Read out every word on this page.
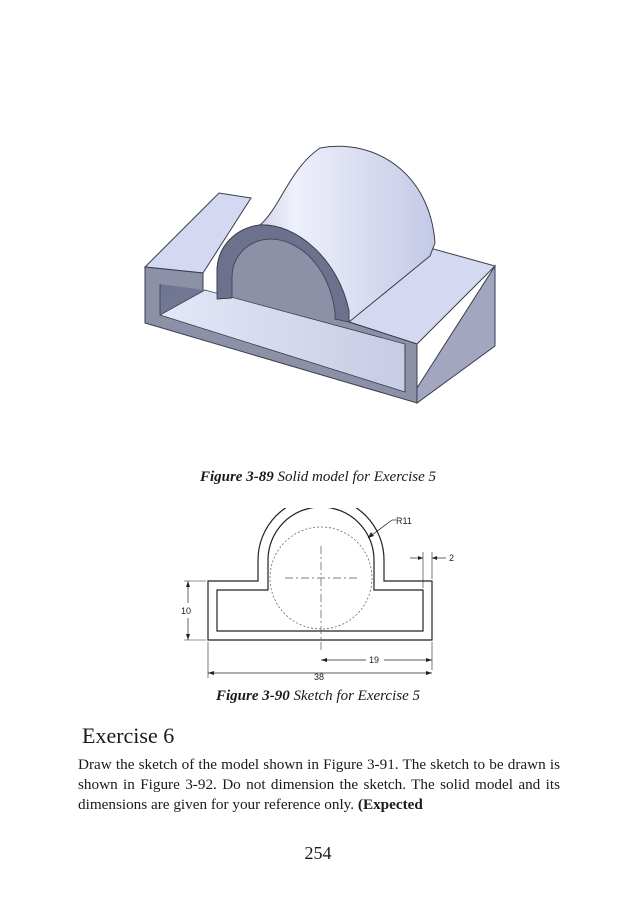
Figure 3-89 Solid model for Exercise 5
R11
2
10
19
38
Figure 3-90 Sketch for Exercise 5
Exercise 6

Draw the sketch of the model shown in Figure 3-91. The sketch to be drawn is shown in Figure 3-92. Do not dimension the sketch. The solid model and its dimensions are given for your reference only. (Expected

254
